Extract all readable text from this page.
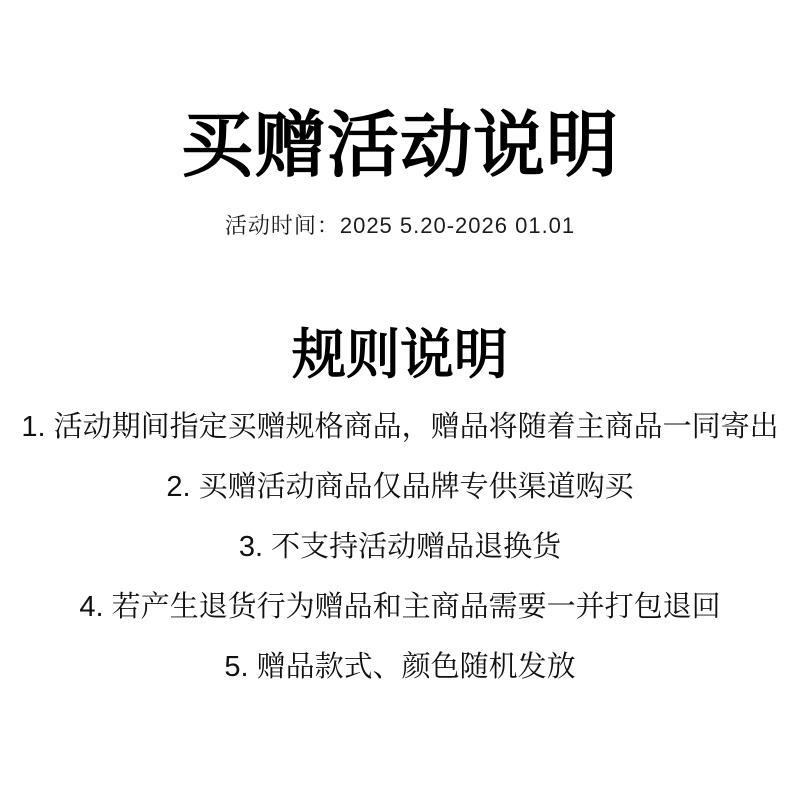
买赠活动说明

活动时间：2025 5.20-2026 01.01

规则说明
1. 活动期间指定买赠规格商品，赠品将随着主商品一同寄出
2. 买赠活动商品仅品牌专供渠道购买
3. 不支持活动赠品退换货
4. 若产生退货行为赠品和主商品需要一并打包退回
5. 赠品款式、颜色随机发放
